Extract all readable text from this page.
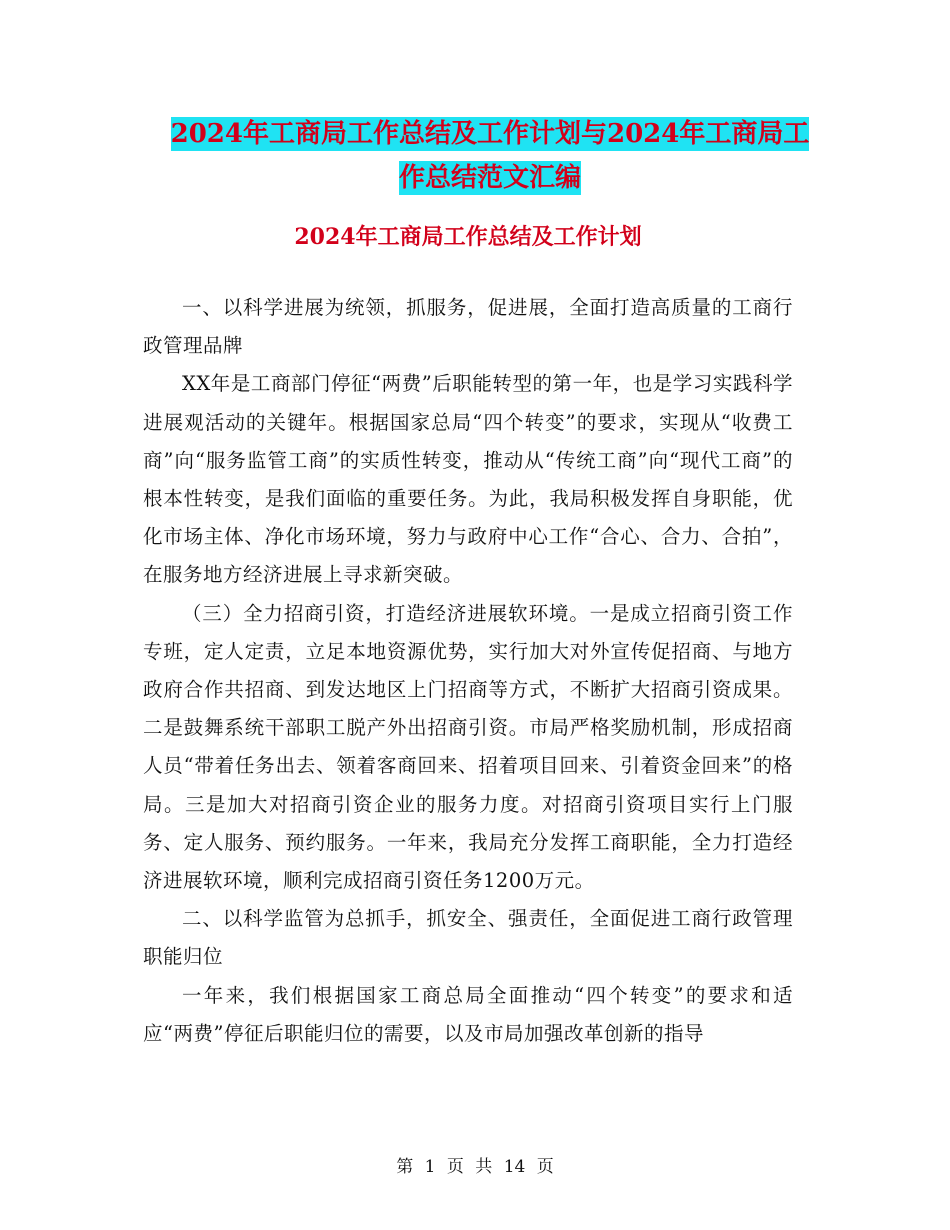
2024年工商局工作总结及工作计划与2024年工商局工
作总结范文汇编
2024年工商局工作总结及工作计划

一、以科学进展为统领，抓服务，促进展，全面打造高质量的工商行政管理品牌

XX年是工商部门停征“两费”后职能转型的第一年，也是学习实践科学进展观活动的关键年。根据国家总局“四个转变”的要求，实现从“收费工商”向“服务监管工商”的实质性转变，推动从“传统工商”向“现代工商”的根本性转变，是我们面临的重要任务。为此，我局积极发挥自身职能，优化市场主体、净化市场环境，努力与政府中心工作“合心、合力、合拍”，在服务地方经济进展上寻求新突破。

（三）全力招商引资，打造经济进展软环境。一是成立招商引资工作专班，定人定责，立足本地资源优势，实行加大对外宣传促招商、与地方政府合作共招商、到发达地区上门招商等方式，不断扩大招商引资成果。二是鼓舞系统干部职工脱产外出招商引资。市局严格奖励机制，形成招商人员“带着任务出去、领着客商回来、招着项目回来、引着资金回来”的格局。三是加大对招商引资企业的服务力度。对招商引资项目实行上门服务、定人服务、预约服务。一年来，我局充分发挥工商职能，全力打造经济进展软环境，顺利完成招商引资任务1200万元。

二、以科学监管为总抓手，抓安全、强责任，全面促进工商行政管理职能归位

一年来，我们根据国家工商总局全面推动“四个转变”的要求和适应“两费”停征后职能归位的需要，以及市局加强改革创新的指导

第 1 页 共 14 页
